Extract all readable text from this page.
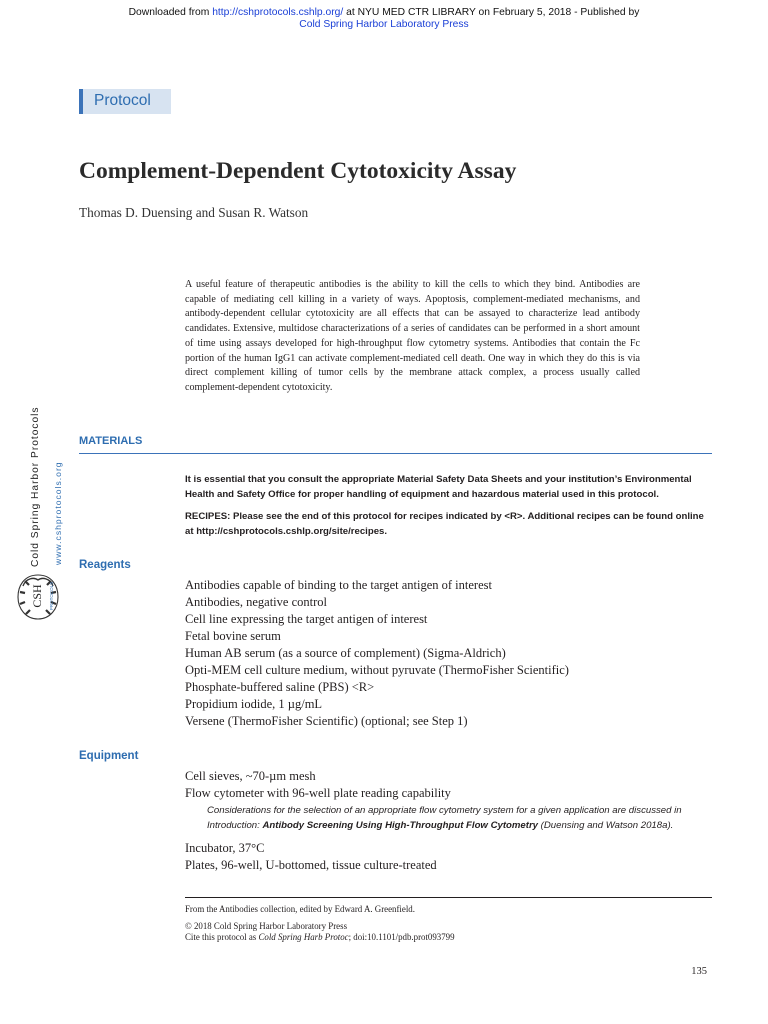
Downloaded from http://cshprotocols.cshlp.org/ at NYU MED CTR LIBRARY on February 5, 2018 - Published by
Cold Spring Harbor Laboratory Press
Protocol
Complement-Dependent Cytotoxicity Assay
Thomas D. Duensing and Susan R. Watson

A useful feature of therapeutic antibodies is the ability to kill the cells to which they bind. Antibodies are capable of mediating cell killing in a variety of ways. Apoptosis, complement-mediated mechanisms, and antibody-dependent cellular cytotoxicity are all effects that can be assayed to characterize lead antibody candidates. Extensive, multidose characterizations of a series of candidates can be performed in a short amount of time using assays developed for high-throughput flow cytometry systems. Antibodies that contain the Fc portion of the human IgG1 can activate complement-mediated cell death. One way in which they do this is via direct complement killing of tumor cells by the membrane attack complex, a process usually called complement-dependent cytotoxicity.

Cold Spring Harbor Protocols www.cshprotocols.org
CSH PROTOCOLS
MATERIALS

It is essential that you consult the appropriate Material Safety Data Sheets and your institution’s Environmental Health and Safety Office for proper handling of equipment and hazardous material used in this protocol.

RECIPES: Please see the end of this protocol for recipes indicated by <R>. Additional recipes can be found online at http://cshprotocols.cshlp.org/site/recipes.

Reagents
Antibodies capable of binding to the target antigen of interest
Antibodies, negative control
Cell line expressing the target antigen of interest
Fetal bovine serum
Human AB serum (as a source of complement) (Sigma-Aldrich)
Opti-MEM cell culture medium, without pyruvate (ThermoFisher Scientific)
Phosphate-buffered saline (PBS) <R>
Propidium iodide, 1 µg/mL
Versene (ThermoFisher Scientific) (optional; see Step 1)
Equipment
Cell sieves, ~70-µm mesh
Flow cytometer with 96-well plate reading capability

Considerations for the selection of an appropriate flow cytometry system for a given application are discussed in Introduction: Antibody Screening Using High-Throughput Flow Cytometry (Duensing and Watson 2018a).

Incubator, 37°C
Plates, 96-well, U-bottomed, tissue culture-treated
From the Antibodies collection, edited by Edward A. Greenfield.
© 2018 Cold Spring Harbor Laboratory Press
Cite this protocol as Cold Spring Harb Protoc; doi:10.1101/pdb.prot093799
135
